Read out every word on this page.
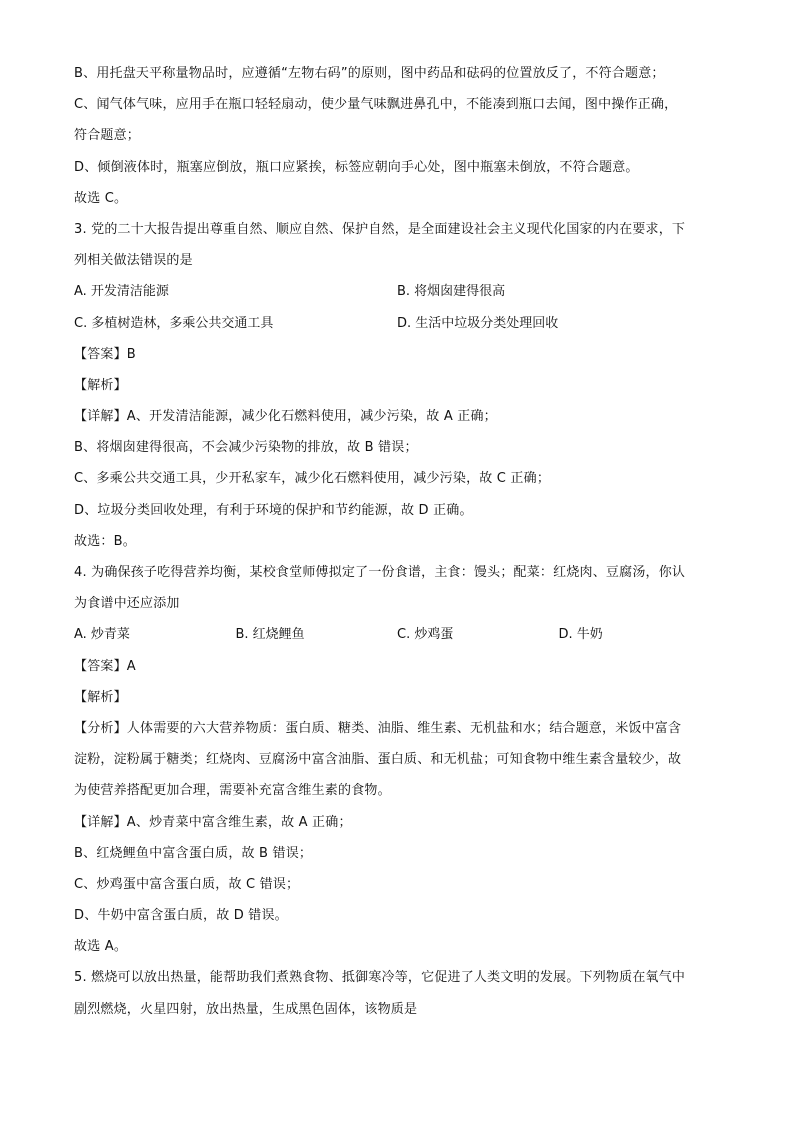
B、用托盘天平称量物品时，应遵循“左物右码”的原则，图中药品和砝码的位置放反了，不符合题意；
C、闻气体气味，应用手在瓶口轻轻扇动，使少量气味飘进鼻孔中，不能凑到瓶口去闻，图中操作正确，
符合题意；
D、倾倒液体时，瓶塞应倒放，瓶口应紧挨，标签应朝向手心处，图中瓶塞未倒放，不符合题意。
故选 C。
3. 党的二十大报告提出尊重自然、顺应自然、保护自然，是全面建设社会主义现代化国家的内在要求，下
列相关做法错误的是
A. 开发清洁能源	B. 将烟囱建得很高
C. 多植树造林，多乘公共交通工具	D. 生活中垃圾分类处理回收
【答案】B
【解析】
【详解】A、开发清洁能源，减少化石燃料使用，减少污染，故 A 正确；
B、将烟囱建得很高，不会减少污染物的排放，故 B 错误；
C、多乘公共交通工具，少开私家车，减少化石燃料使用，减少污染，故 C 正确；
D、垃圾分类回收处理，有利于环境的保护和节约能源，故 D 正确。
故选：B。
4. 为确保孩子吃得营养均衡，某校食堂师傅拟定了一份食谱，主食：馒头；配菜：红烧肉、豆腐汤，你认
为食谱中还应添加
A. 炒青菜	B. 红烧鲤鱼	C. 炒鸡蛋	D. 牛奶
【答案】A
【解析】
【分析】人体需要的六大营养物质：蛋白质、糖类、油脂、维生素、无机盐和水；结合题意，米饭中富含
淀粉，淀粉属于糖类；红烧肉、豆腐汤中富含油脂、蛋白质、和无机盐；可知食物中维生素含量较少，故
为使营养搭配更加合理，需要补充富含维生素的食物。
【详解】A、炒青菜中富含维生素，故 A 正确；
B、红烧鲤鱼中富含蛋白质，故 B 错误；
C、炒鸡蛋中富含蛋白质，故 C 错误；
D、牛奶中富含蛋白质，故 D 错误。
故选 A。
5. 燃烧可以放出热量，能帮助我们煮熟食物、抵御寒冷等，它促进了人类文明的发展。下列物质在氧气中
剧烈燃烧，火星四射，放出热量，生成黑色固体，该物质是
